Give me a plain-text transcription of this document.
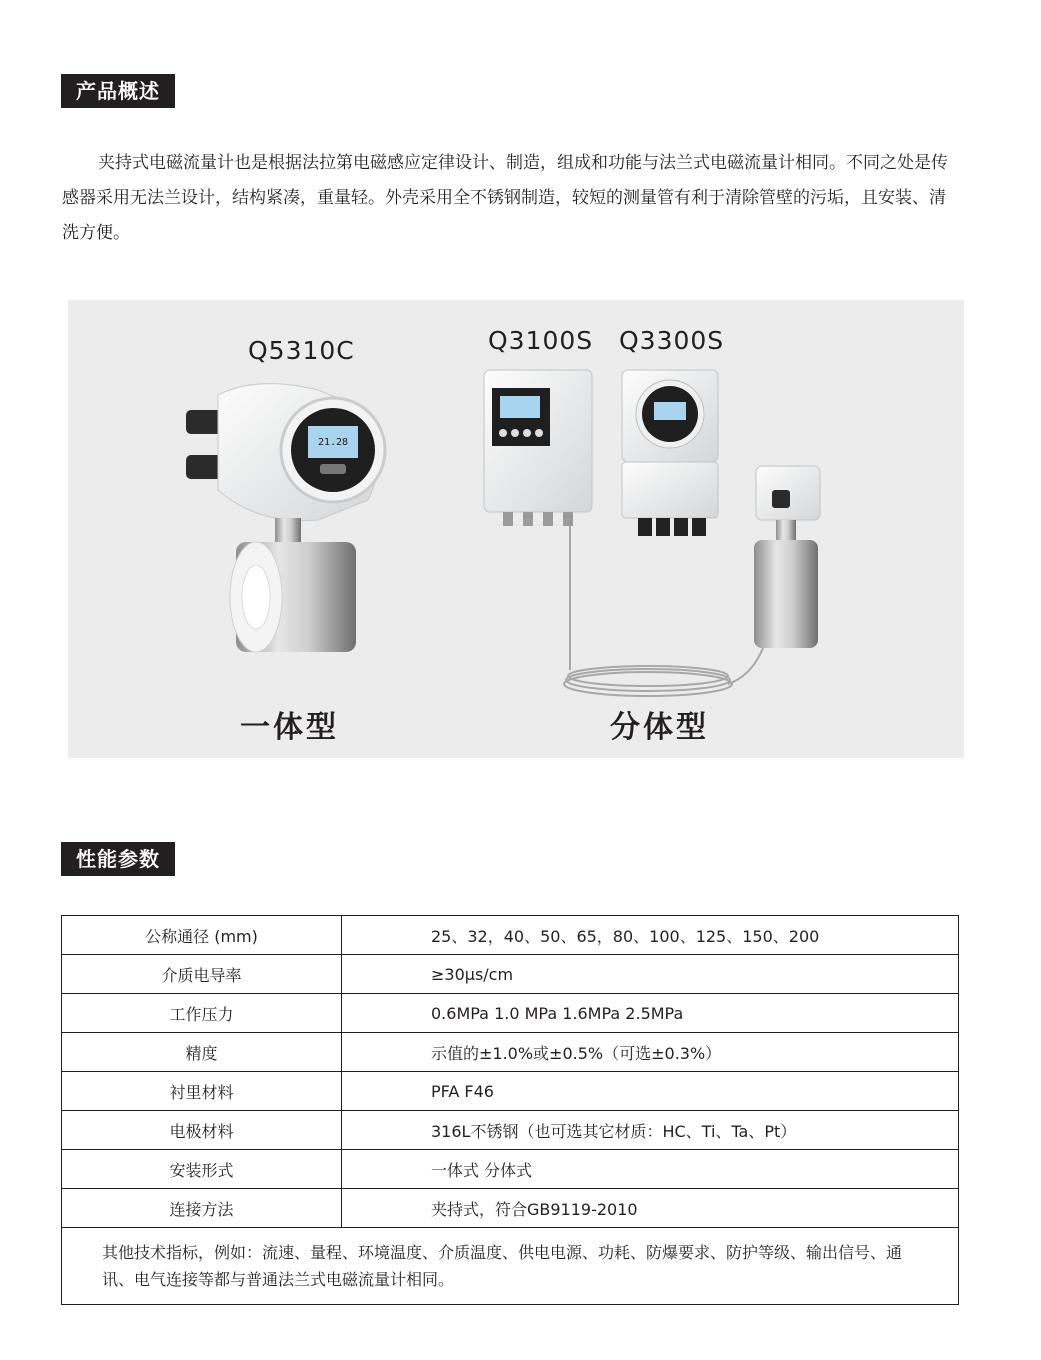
产品概述

夹持式电磁流量计也是根据法拉第电磁感应定律设计、制造，组成和功能与法兰式电磁流量计相同。不同之处是传感器采用无法兰设计，结构紧凑，重量轻。外壳采用全不锈钢制造，较短的测量管有利于清除管壁的污垢，且安装、清洗方便。

21.28
Q5310C	Q3100S Q3300S
一体型	分体型
性能参数
公称通径 (mm)	25、32，40、50、65，80、100、125、150、200
介质电导率	≥30μs/cm
工作压力	0.6MPa 1.0 MPa 1.6MPa 2.5MPa
精度	示值的±1.0%或±0.5%（可选±0.3%）
衬里材料	PFA F46
电极材料	316L不锈钢（也可选其它材质：HC、Ti、Ta、Pt）
安装形式	一体式 分体式
连接方法	夹持式，符合GB9119-2010
其他技术指标，例如：流速、量程、环境温度、介质温度、供电电源、功耗、防爆要求、防护等级、输出信号、通讯、电气连接等都与普通法兰式电磁流量计相同。	
